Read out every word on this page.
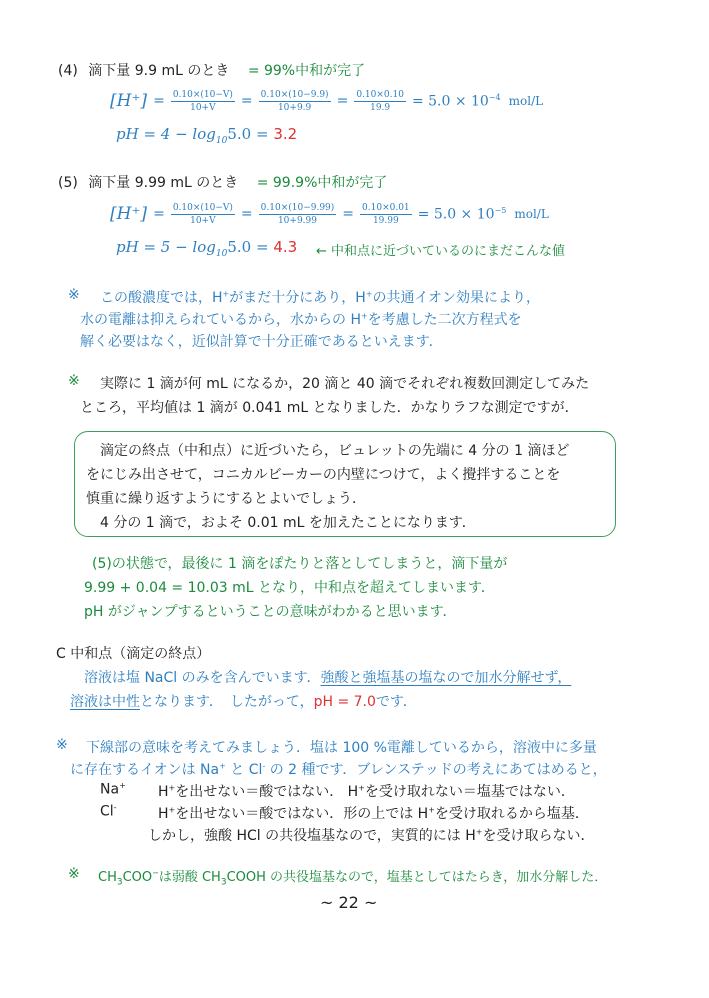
(4) 滴下量 9.9 mL のとき = 99%中和が完了
$[H^+] = \frac{0.10\times(10-V)}{10+V} = \frac{0.10\times(10-9.9)}{10+9.9} = \frac{0.10\times 0.10}{19.9} = 5.0 \times 10^{-4}$ mol/L
pH = $4 - \log_{10}5.0 = 3.2$
(5) 滴下量 9.99 mL のとき = 99.9%中和が完了
$[H^+] = \frac{0.10\times(10-V)}{10+V} = \frac{0.10\times(10-9.99)}{10+9.99} = \frac{0.10\times 0.01}{19.99} = 5.0 \times 10^{-5}$ mol/L
pH = $5 - \log_{10}5.0 = 4.3$ ← 中和点に近づいているのにまだこんな値
※ この酸濃度では，H+がまだ十分にあり，H+の共通イオン効果により，
水の電離は抑えられているから，水からの H+を考慮した二次方程式を
解く必要はなく，近似計算で十分正確であるといえます．
※ 実際に 1 滴が何 mL になるか，20 滴と 40 滴でそれぞれ複数回測定してみた
ところ，平均値は 1 滴が 0.041 mL となりました．かなりラフな測定ですが．
滴定の終点（中和点）に近づいたら，ビュレットの先端に 4 分の 1 滴ほど
をにじみ出させて，コニカルビーカーの内壁につけて，よく攪拌することを
慎重に繰り返すようにするとよいでしょう．
4 分の 1 滴で，およそ 0.01 mL を加えたことになります．
(5)の状態で，最後に 1 滴をぽたりと落としてしまうと，滴下量が
9.99 + 0.04 = 10.03 mL となり，中和点を超えてしまいます．
pH がジャンプするということの意味がわかると思います．
C 中和点（滴定の終点）
溶液は塩 NaCl のみを含んでいます．強酸と強塩基の塩なので加水分解せず，
溶液は中性となります．　したがって，pH = 7.0です．
※ 下線部の意味を考えてみましょう．塩は 100 %電離しているから，溶液中に多量
に存在するイオンは Na+ と Cl- の 2 種です．ブレンステッドの考えにあてはめると，
Na+ H+を出せない＝酸ではない． H+を受け取れない＝塩基ではない．
Cl-	H+を出せない＝酸ではない．形の上では H+を受け取れるから塩基．
しかし，強酸 HCl の共役塩基なので，実質的には H+を受け取らない．
※ $CH_3COO^-$は弱酸 $CH_3COOH$ の共役塩基なので，塩基としてはたらき，加水分解した．
~ 22 ~
